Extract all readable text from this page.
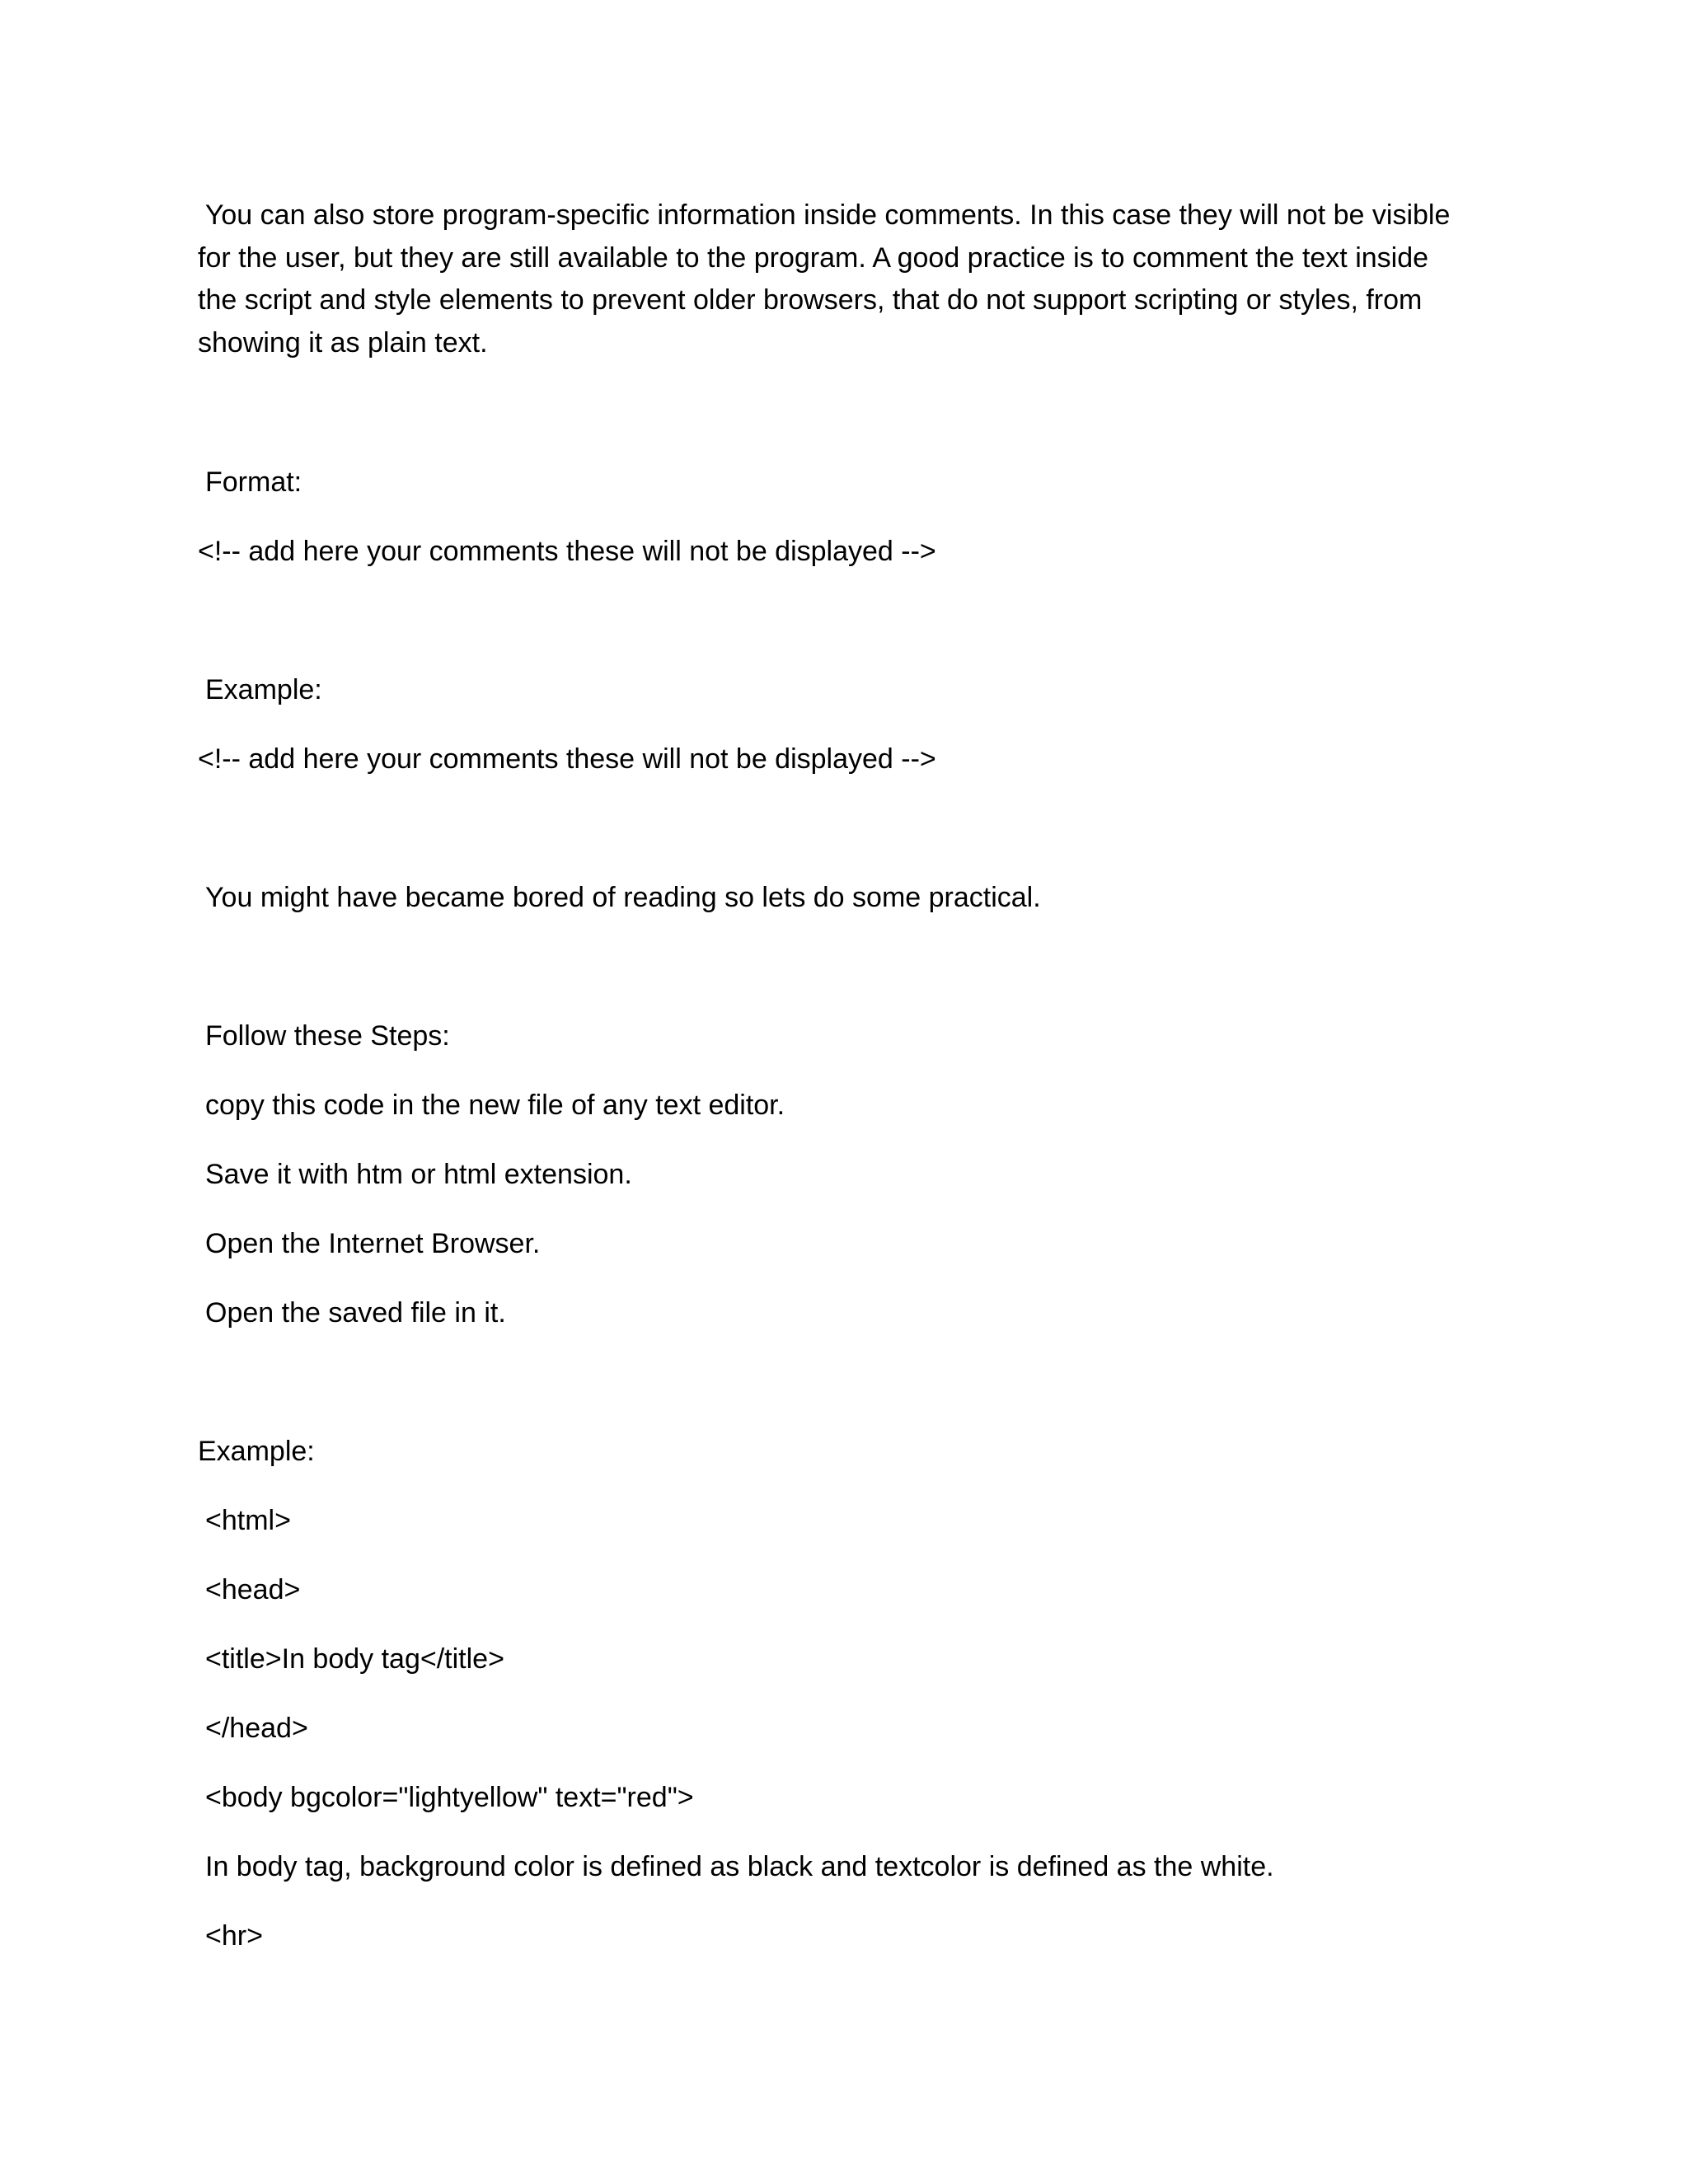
You can also store program-specific information inside comments. In this case they will not be visible
for the user, but they are still available to the program. A good practice is to comment the text inside
the script and style elements to prevent older browsers, that do not support scripting or styles, from
showing it as plain text.

Format:

<!-- add here your comments these will not be displayed -->

Example:

<!-- add here your comments these will not be displayed -->

You might have became bored of reading so lets do some practical.

Follow these Steps:

copy this code in the new file of any text editor.

Save it with htm or html extension.

Open the Internet Browser.

Open the saved file in it.

Example:

<html>

<head>

<title>In body tag</title>

</head>

<body bgcolor="lightyellow" text="red">

In body tag, background color is defined as black and textcolor is defined as the white.

<hr>
